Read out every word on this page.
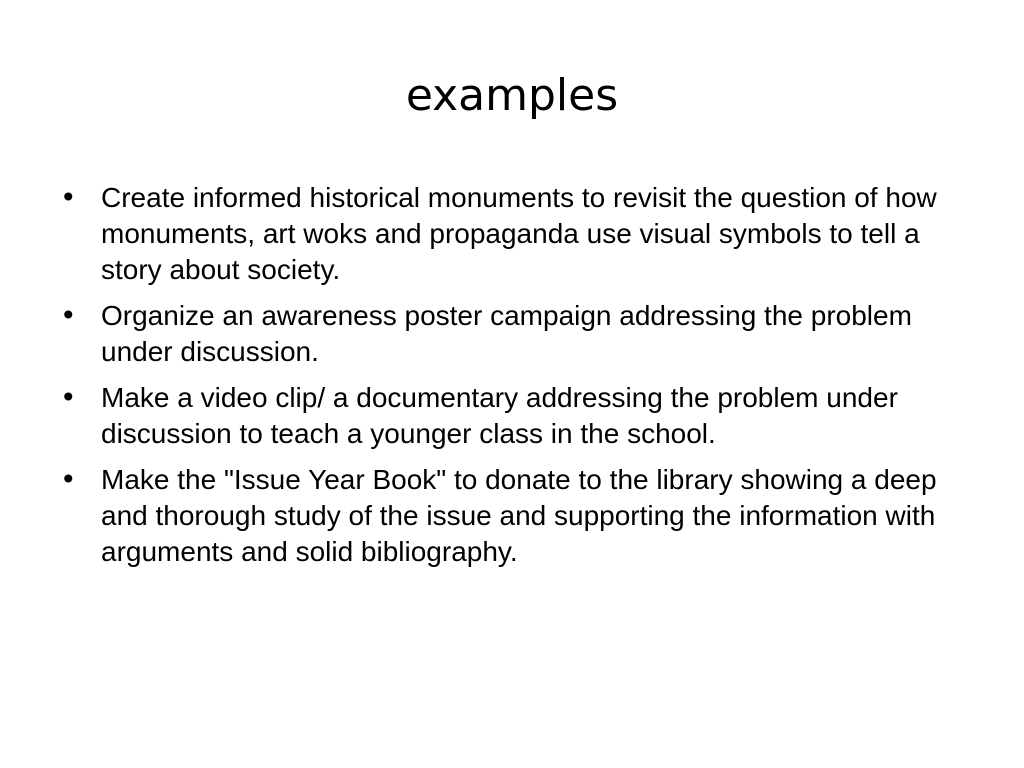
examples
• Create informed historical monuments to revisit the question of how monuments, art woks and propaganda use visual symbols to tell a story about society.
• Organize an awareness poster campaign addressing the problem under discussion.
• Make a video clip/ a documentary addressing the problem under discussion to teach a younger class in the school.
• Make the "Issue Year Book" to donate to the library showing a deep and thorough study of the issue and supporting the information with arguments and solid bibliography.
